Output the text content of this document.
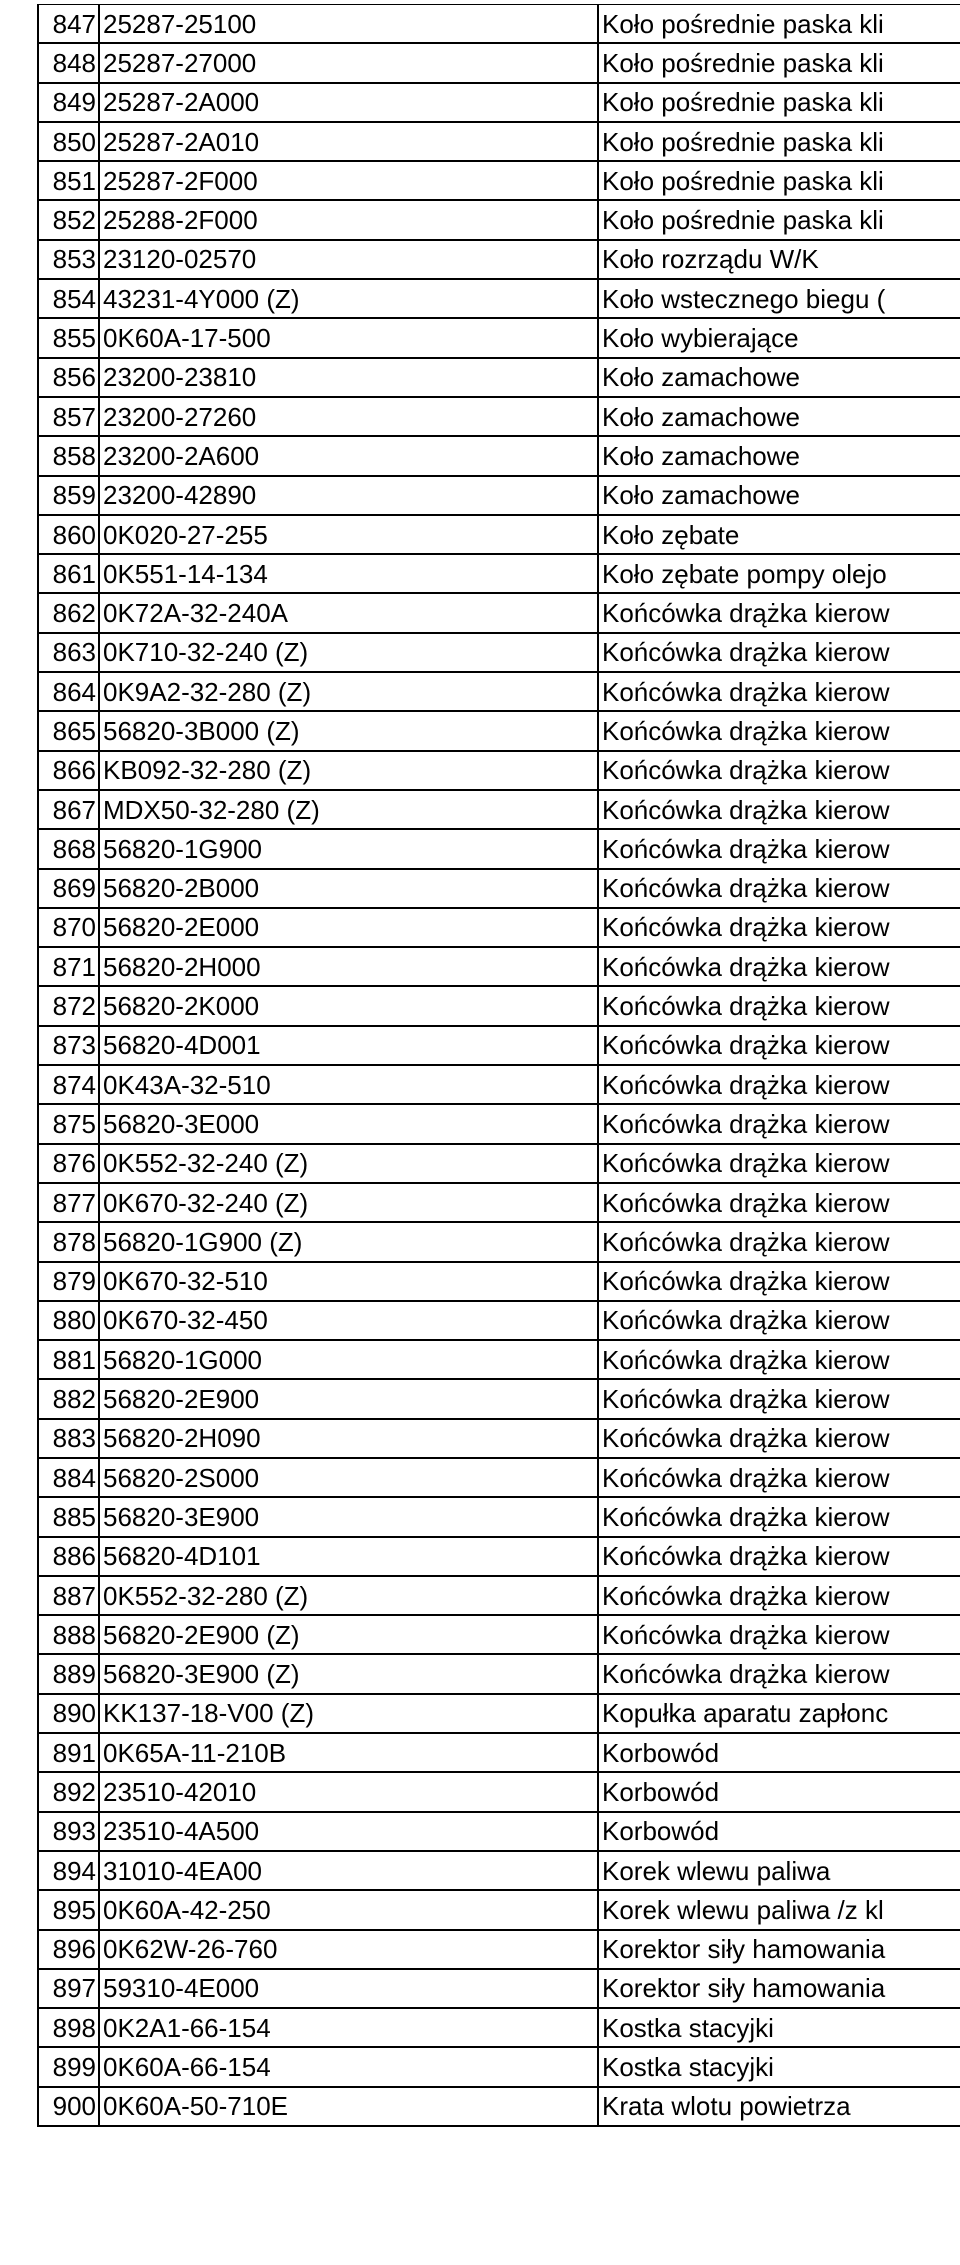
847	25287-25100	Koło pośrednie paska kli
848	25287-27000	Koło pośrednie paska kli
849	25287-2A000	Koło pośrednie paska kli
850	25287-2A010	Koło pośrednie paska kli
851	25287-2F000	Koło pośrednie paska kli
852	25288-2F000	Koło pośrednie paska kli
853	23120-02570	Koło rozrządu W/K
854	43231-4Y000 (Z)	Koło wstecznego biegu (
855	0K60A-17-500	Koło wybierające
856	23200-23810	Koło zamachowe
857	23200-27260	Koło zamachowe
858	23200-2A600	Koło zamachowe
859	23200-42890	Koło zamachowe
860	0K020-27-255	Koło zębate
861	0K551-14-134	Koło zębate pompy olejo
862	0K72A-32-240A	Końcówka drążka kierow
863	0K710-32-240 (Z)	Końcówka drążka kierow
864	0K9A2-32-280 (Z)	Końcówka drążka kierow
865	56820-3B000 (Z)	Końcówka drążka kierow
866	KB092-32-280 (Z)	Końcówka drążka kierow
867	MDX50-32-280 (Z)	Końcówka drążka kierow
868	56820-1G900	Końcówka drążka kierow
869	56820-2B000	Końcówka drążka kierow
870	56820-2E000	Końcówka drążka kierow
871	56820-2H000	Końcówka drążka kierow
872	56820-2K000	Końcówka drążka kierow
873	56820-4D001	Końcówka drążka kierow
874	0K43A-32-510	Końcówka drążka kierow
875	56820-3E000	Końcówka drążka kierow
876	0K552-32-240 (Z)	Końcówka drążka kierow
877	0K670-32-240 (Z)	Końcówka drążka kierow
878	56820-1G900 (Z)	Końcówka drążka kierow
879	0K670-32-510	Końcówka drążka kierow
880	0K670-32-450	Końcówka drążka kierow
881	56820-1G000	Końcówka drążka kierow
882	56820-2E900	Końcówka drążka kierow
883	56820-2H090	Końcówka drążka kierow
884	56820-2S000	Końcówka drążka kierow
885	56820-3E900	Końcówka drążka kierow
886	56820-4D101	Końcówka drążka kierow
887	0K552-32-280 (Z)	Końcówka drążka kierow
888	56820-2E900 (Z)	Końcówka drążka kierow
889	56820-3E900 (Z)	Końcówka drążka kierow
890	KK137-18-V00 (Z)	Kopułka aparatu zapłonc
891	0K65A-11-210B	Korbowód
892	23510-42010	Korbowód
893	23510-4A500	Korbowód
894	31010-4EA00	Korek wlewu paliwa
895	0K60A-42-250	Korek wlewu paliwa /z kl
896	0K62W-26-760	Korektor siły hamowania
897	59310-4E000	Korektor siły hamowania
898	0K2A1-66-154	Kostka stacyjki
899	0K60A-66-154	Kostka stacyjki
900	0K60A-50-710E	Krata wlotu powietrza
